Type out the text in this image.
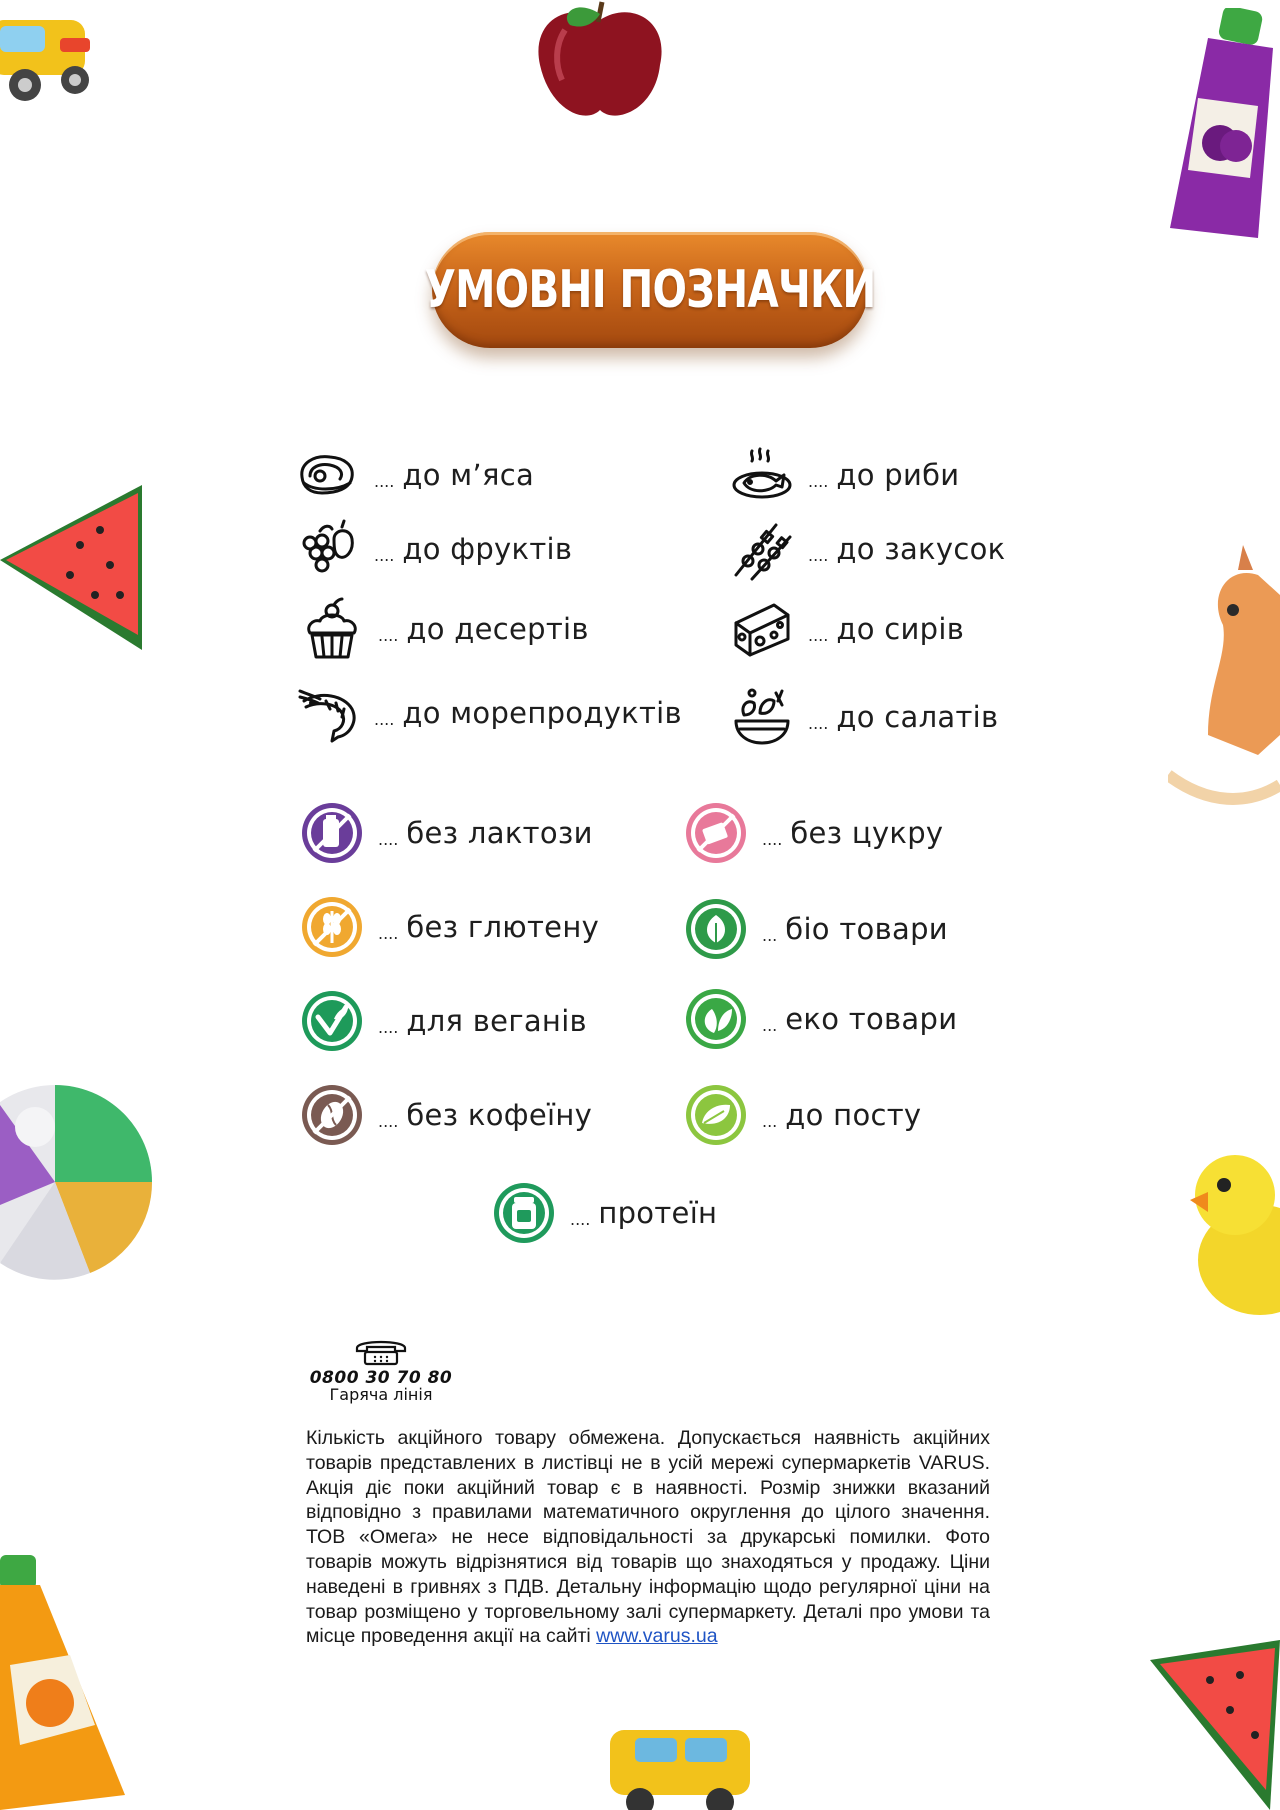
УМОВНІ ПОЗНАЧКИ
.... до м’яса	.... до риби
.... до фруктів	.... до закусок
.... до десертів	.... до сирів
.... до морепродуктів	.... до салатів
.... без лактози	.... без цукру
.... без глютену	... біо товари
.... для веганів	... еко товари
.... без кофеїну	... до посту
.... протеїн
0800 30 70 80
Гаряча лінія
Кількість акційного товару обмежена. Допускається наявність акційних товарів представлених в листівці не в усій мережі супермаркетів VARUS. Акція діє поки акційний товар є в наявності. Розмір знижки вказаний відповідно з правилами математичного округлення до цілого значення. ТОВ «Омега» не несе відповідальності за друкарські помилки. Фото товарів можуть відрізнятися від товарів що знаходяться у продажу. Ціни наведені в гривнях з ПДВ. Детальну інформацію щодо регулярної ціни на товар розміщено у торговельному залі супермаркету. Деталі про умови та місце проведення акції на сайті www.varus.ua
